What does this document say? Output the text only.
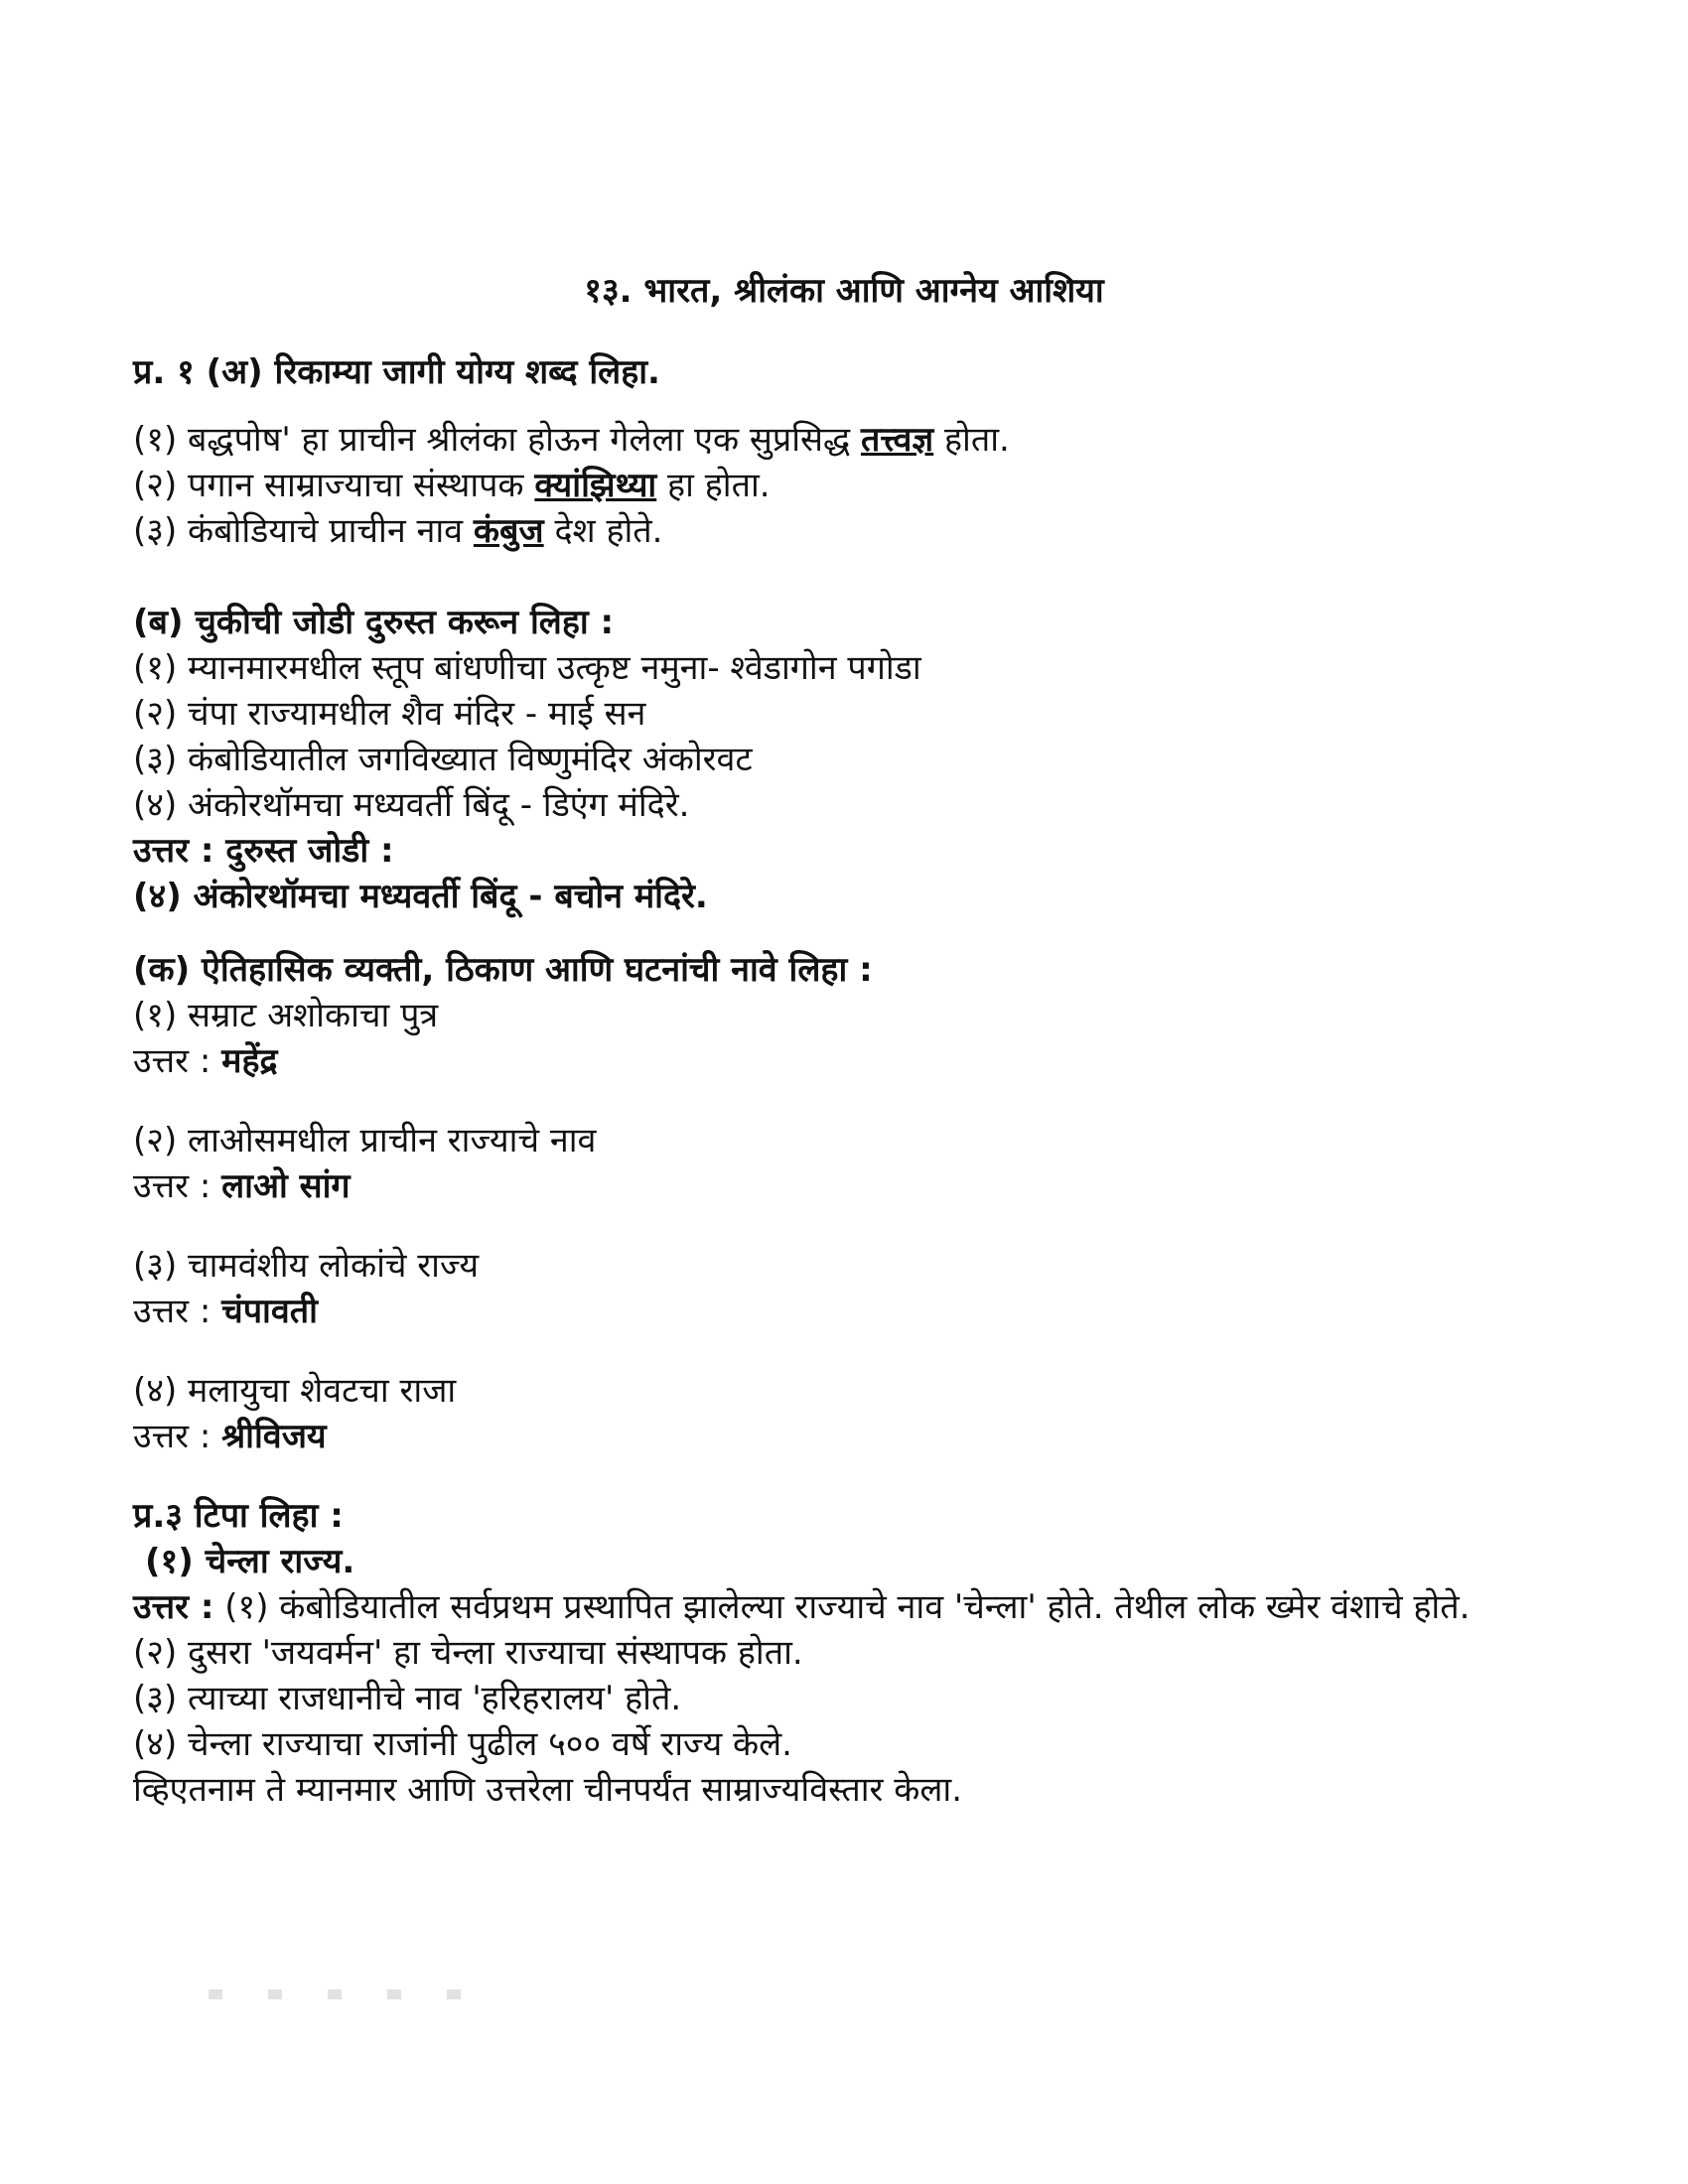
१३. भारत, श्रीलंका आणि आग्नेय आशिया
प्र. १ (अ) रिकाम्या जागी योग्य शब्द लिहा.
(१) बद्धपोष' हा प्राचीन श्रीलंका होऊन गेलेला एक सुप्रसिद्ध तत्त्वज्ञ होता.
(२) पगान साम्राज्याचा संस्थापक क्यांझिथ्या हा होता.
(३) कंबोडियाचे प्राचीन नाव कंबुज देश होते.
(ब) चुकीची जोडी दुरुस्त करून लिहा :
(१) म्यानमारमधील स्तूप बांधणीचा उत्कृष्ट नमुना- श्वेडागोन पगोडा
(२) चंपा राज्यामधील शैव मंदिर - माई सन
(३) कंबोडियातील जगविख्यात विष्णुमंदिर अंकोरवट
(४) अंकोरथॉमचा मध्यवर्ती बिंदू - डिएंग मंदिरे.
उत्तर : दुरुस्त जोडी :
(४) अंकोरथॉमचा मध्यवर्ती बिंदू - बचोन मंदिरे.
(क) ऐतिहासिक व्यक्ती, ठिकाण आणि घटनांची नावे लिहा :
(१) सम्राट अशोकाचा पुत्र
उत्तर : महेंद्र
(२) लाओसमधील प्राचीन राज्याचे नाव
उत्तर : लाओ सांग
(३) चामवंशीय लोकांचे राज्य
उत्तर : चंपावती
(४) मलायुचा शेवटचा राजा
उत्तर : श्रीविजय
प्र.३ टिपा लिहा :
(१) चेन्ला राज्य.
उत्तर : (१) कंबोडियातील सर्वप्रथम प्रस्थापित झालेल्या राज्याचे नाव 'चेन्ला' होते. तेथील लोक ख्मेर वंशाचे होते.
(२) दुसरा 'जयवर्मन' हा चेन्ला राज्याचा संस्थापक होता.
(३) त्याच्या राजधानीचे नाव 'हरिहरालय' होते.
(४) चेन्ला राज्याचा राजांनी पुढील ५०० वर्षे राज्य केले.
व्हिएतनाम ते म्यानमार आणि उत्तरेला चीनपर्यंत साम्राज्यविस्तार केला.
